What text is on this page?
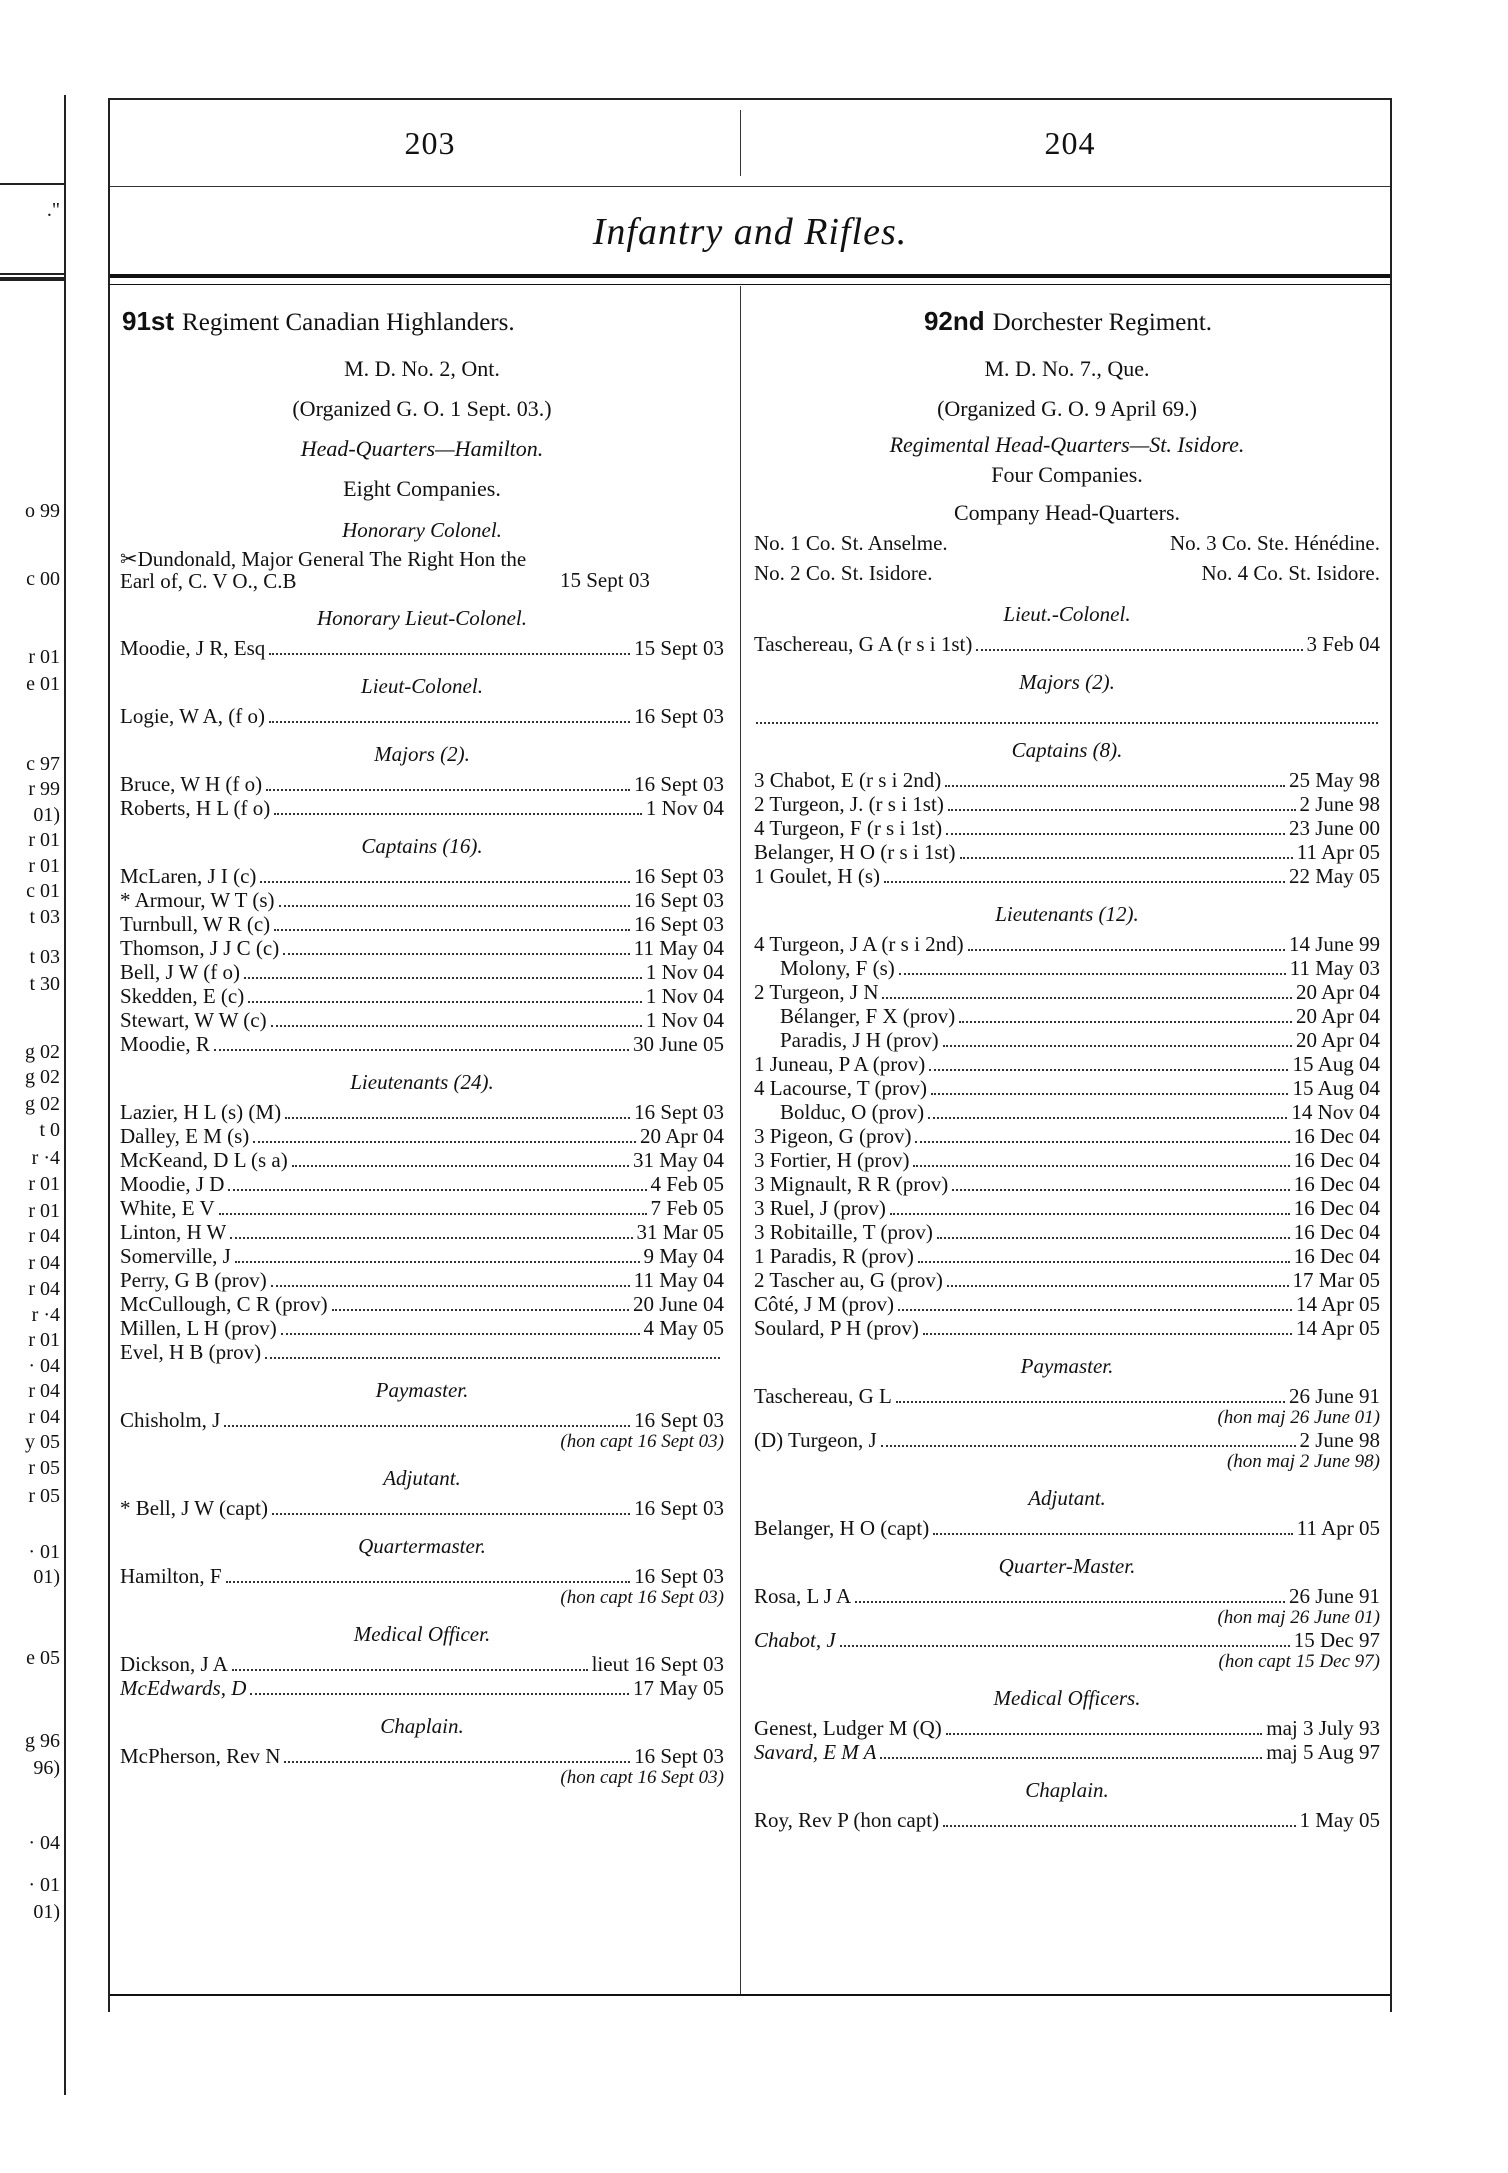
."
o 99
c 00
r 01
e 01
c 97
r 99
01)
r 01
r 01
c 01
t 03
t 03
t 30
g 02
g 02
g 02
t 0
r ·4
r 01
r 01
r 04
r 04
r 04
r ·4
r 01
· 04
r 04
r 04
y 05
r 05
r 05
· 01
01)
e 05
g 96
96)
· 04
· 01
01)
203	204
Infantry and Rifles.
91st Regiment Canadian Highlanders.
M. D. No. 2, Ont.
(Organized G. O. 1 Sept. 03.)
Head-Quarters—Hamilton.
Eight Companies.
Honorary Colonel.
✂Dundonald, Major General The Right Hon the Earl of, C. V O., C.B	15 Sept 03
Honorary Lieut-Colonel.
Moodie, J R, Esq	15 Sept 03
Lieut-Colonel.
Logie, W A, (f o)	16 Sept 03
Majors (2).
Bruce, W H (f o)	16 Sept 03
Roberts, H L (f o)	1 Nov 04
Captains (16).
McLaren, J I (c)	16 Sept 03
* Armour, W T (s)	16 Sept 03
Turnbull, W R (c)	16 Sept 03
Thomson, J J C (c)	11 May 04
Bell, J W (f o)	1 Nov 04
Skedden, E (c)	1 Nov 04
Stewart, W W (c)	1 Nov 04
Moodie, R	30 June 05
Lieutenants (24).
Lazier, H L (s) (M)	16 Sept 03
Dalley, E M (s)	20 Apr 04
McKeand, D L (s a)	31 May 04
Moodie, J D	4 Feb 05
White, E V	7 Feb 05
Linton, H W	31 Mar 05
Somerville, J	9 May 04
Perry, G B (prov)	11 May 04
McCullough, C R (prov)	20 June 04
Millen, L H (prov)	4 May 05
Evel, H B (prov)
Paymaster.
Chisholm, J	16 Sept 03
(hon capt 16 Sept 03)
Adjutant.
* Bell, J W (capt)	16 Sept 03
Quartermaster.
Hamilton, F	16 Sept 03
(hon capt 16 Sept 03)
Medical Officer.
Dickson, J A	lieut 16 Sept 03
McEdwards, D	17 May 05
Chaplain.
McPherson, Rev N	16 Sept 03
(hon capt 16 Sept 03)
92nd Dorchester Regiment.
M. D. No. 7., Que.
(Organized G. O. 9 April 69.)
Regimental Head-Quarters—St. Isidore.
Four Companies.
Company Head-Quarters.
No. 1 Co. St. Anselme.	No. 3 Co. Ste. Hénédine.
No. 2 Co. St. Isidore.	No. 4 Co. St. Isidore.
Lieut.-Colonel.
Taschereau, G A (r s i 1st)	3 Feb 04
Majors (2).
Captains (8).
3 Chabot, E (r s i 2nd)	25 May 98
2 Turgeon, J. (r s i 1st)	2 June 98
4 Turgeon, F (r s i 1st)	23 June 00
Belanger, H O (r s i 1st)	11 Apr 05
1 Goulet, H (s)	22 May 05
Lieutenants (12).
4 Turgeon, J A (r s i 2nd)	14 June 99
Molony, F (s)	11 May 03
2 Turgeon, J N	20 Apr 04
Bélanger, F X (prov)	20 Apr 04
Paradis, J H (prov)	20 Apr 04
1 Juneau, P A (prov)	15 Aug 04
4 Lacourse, T (prov)	15 Aug 04
Bolduc, O (prov)	14 Nov 04
3 Pigeon, G (prov)	16 Dec 04
3 Fortier, H (prov)	16 Dec 04
3 Mignault, R R (prov)	16 Dec 04
3 Ruel, J (prov)	16 Dec 04
3 Robitaille, T (prov)	16 Dec 04
1 Paradis, R (prov)	16 Dec 04
2 Tascher au, G (prov)	17 Mar 05
Côté, J M (prov)	14 Apr 05
Soulard, P H (prov)	14 Apr 05
Paymaster.
Taschereau, G L	26 June 91
(hon maj 26 June 01)
(D) Turgeon, J	2 June 98
(hon maj 2 June 98)
Adjutant.
Belanger, H O (capt)	11 Apr 05
Quarter-Master.
Rosa, L J A	26 June 91
(hon maj 26 June 01)
Chabot, J	15 Dec 97
(hon capt 15 Dec 97)
Medical Officers.
Genest, Ludger M (Q)	maj 3 July 93
Savard, E M A	maj 5 Aug 97
Chaplain.
Roy, Rev P (hon capt)	1 May 05
